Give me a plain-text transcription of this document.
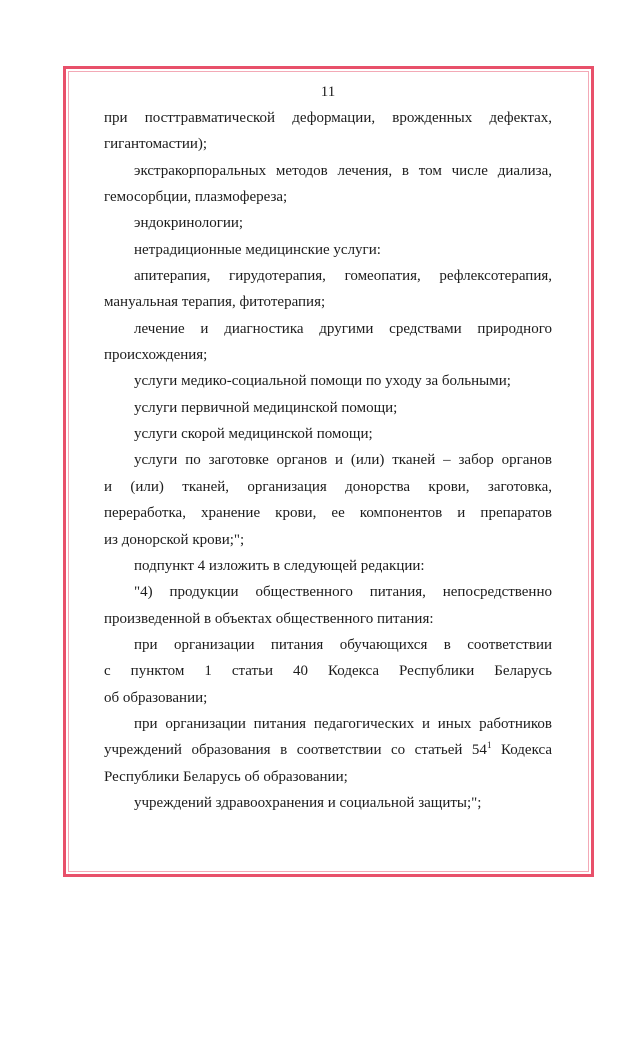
11
при посттравматической деформации, врожденных дефектах,
гигантомастии);
экстракорпоральных методов лечения, в том числе диализа,
гемосорбции, плазмофереза;
эндокринологии;
нетрадиционные медицинские услуги:
апитерапия, гирудотерапия, гомеопатия, рефлексотерапия,
мануальная терапия, фитотерапия;
лечение и диагностика другими средствами природного
происхождения;
услуги медико-социальной помощи по уходу за больными;
услуги первичной медицинской помощи;
услуги скорой медицинской помощи;
услуги по заготовке органов и (или) тканей – забор органов
и (или) тканей, организация донорства крови, заготовка,
переработка, хранение крови, ее компонентов и препаратов
из донорской крови;";
подпункт 4 изложить в следующей редакции:
"4) продукции общественного питания, непосредственно
произведенной в объектах общественного питания:
при организации питания обучающихся в соответствии
с пунктом 1 статьи 40 Кодекса Республики Беларусь
об образовании;
при организации питания педагогических и иных работников
учреждений образования в соответствии со статьей $54^1$ Кодекса
Республики Беларусь об образовании;
учреждений здравоохранения и социальной защиты;";
